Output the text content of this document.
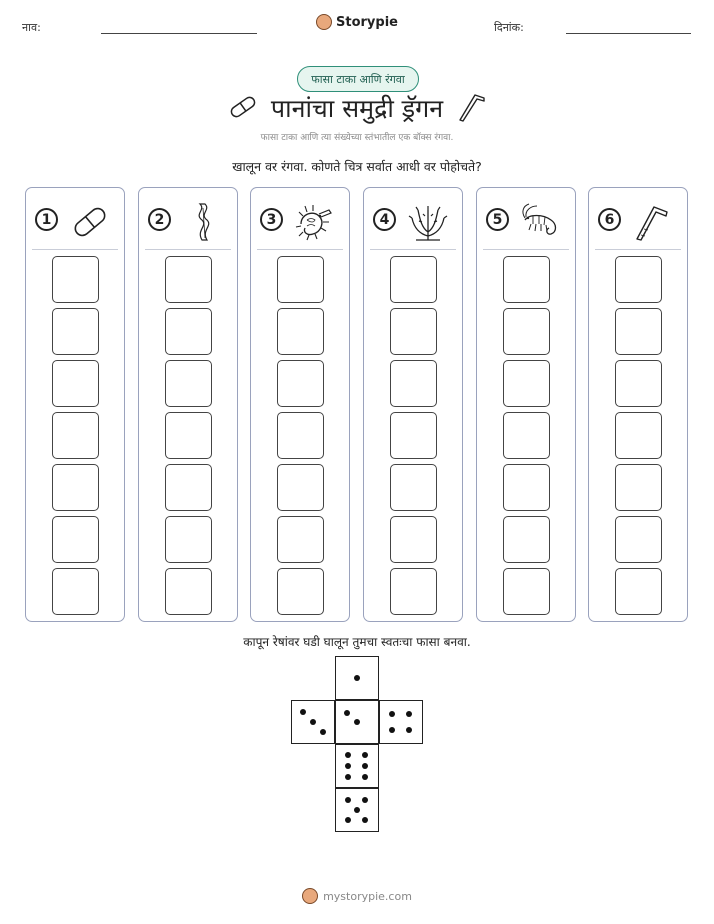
नाव:	Storypie	दिनांक:
फासा टाका आणि रंगवा
पानांचा समुद्री ड्रॅगन
फासा टाका आणि त्या संख्येच्या स्तंभातील एक बॉक्स रंगवा.
खालून वर रंगवा. कोणते चित्र सर्वात आधी वर पोहोचते?
1	2	3	4	5	6
कापून रेषांवर घडी घालून तुमचा स्वतःचा फासा बनवा.
mystorypie.com
